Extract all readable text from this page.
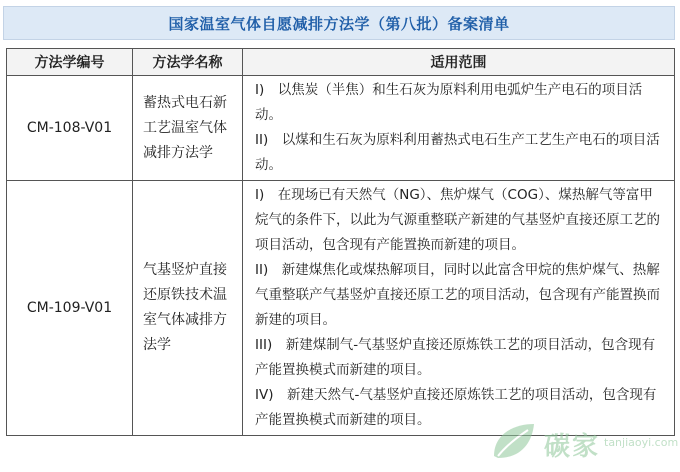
国家温室气体自愿减排方法学（第八批）备案清单
方法学编号	方法学名称	适用范围
CM-108-V01	蓄热式电石新工艺温室气体减排方法学	I)　以焦炭（半焦）和生石灰为原料利用电弧炉生产电石的项目活动。
II)　以煤和生石灰为原料利用蓄热式电石生产工艺生产电石的项目活动。

CM-109-V01	气基竖炉直接还原铁技术温室气体减排方法学	I)　在现场已有天然气（NG）、焦炉煤气（COG）、煤热解气等富甲烷气的条件下，以此为气源重整联产新建的气基竖炉直接还原工艺的项目活动，包含现有产能置换而新建的项目。
II)　新建煤焦化或煤热解项目，同时以此富含甲烷的焦炉煤气、热解气重整联产气基竖炉直接还原工艺的项目活动，包含现有产能置换而新建的项目。
III)　新建煤制气-气基竖炉直接还原炼铁工艺的项目活动，包含现有产能置换模式而新建的项目。
IV)　新建天然气-气基竖炉直接还原炼铁工艺的项目活动，包含现有产能置换模式而新建的项目。
碳家 tanjiaoyi.com
